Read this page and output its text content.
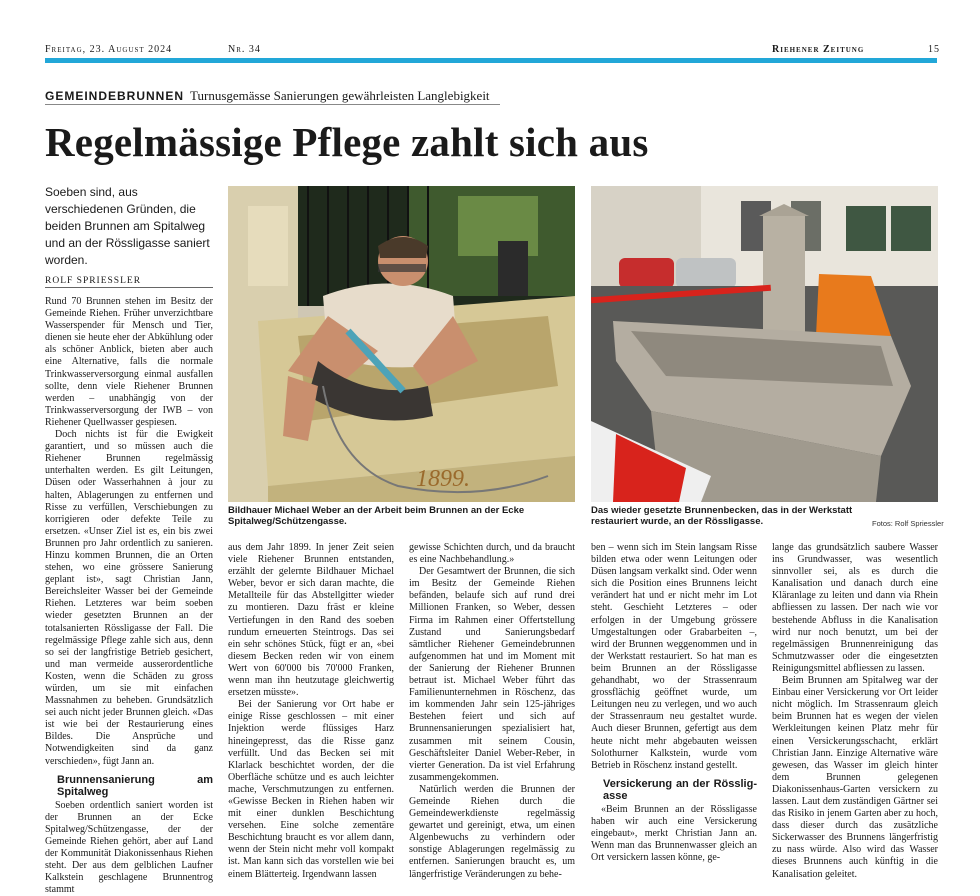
Freitag, 23. August 2024	Nr. 34	Riehener Zeitung	15
GEMEINDEBRUNNEN Turnusgemässe Sanierungen gewährleisten Langlebigkeit
Regelmässige Pflege zahlt sich aus
Soeben sind, aus verschiedenen Gründen, die beiden Brunnen am Spitalweg und an der Rössligasse saniert worden.
ROLF SPRIESSLER
1899.
Bildhauer Michael Weber an der Arbeit beim Brunnen an der Ecke Spitalweg/Schützengasse.
Das wieder gesetzte Brunnenbecken, das in der Werkstatt restauriert wurde, an der Rössligasse.	Fotos: Rolf Spriessler

Rund 70 Brunnen stehen im Besitz der Gemeinde Riehen. Früher unverzichtbare Wasserspender für Mensch und Tier, dienen sie heute eher der Abkühlung oder als schöner Anblick, bieten aber auch eine Alternative, falls die normale Trinkwasserversorgung einmal ausfallen sollte, denn viele Riehener Brunnen werden – unabhängig von der Trinkwasserversorgung der IWB – von Riehener Quellwasser gespiesen.

Doch nichts ist für die Ewigkeit garantiert, und so müssen auch die Riehener Brunnen regelmässig unterhalten werden. Es gilt Leitungen, Düsen oder Wasserhahnen à jour zu halten, Ablagerungen zu entfernen und Risse zu verfüllen, Verschiebungen zu korrigieren oder defekte Teile zu ersetzen. «Unser Ziel ist es, ein bis zwei Brunnen pro Jahr ordentlich zu sanieren. Hinzu kommen Brunnen, die an Orten stehen, wo eine grössere Sanierung geplant ist», sagt Christian Jann, Bereichsleiter Wasser bei der Gemeinde Riehen. Letzteres war beim soeben wieder gesetzten Brunnen an der totalsanierten Rössligasse der Fall. Die regelmässige Pflege zahle sich aus, denn so sei der langfristige Betrieb gesichert, und man vermeide ausserordentliche Kosten, wenn die Schäden zu gross würden, um sie mit einfachen Massnahmen zu beheben. Grundsätzlich sei auch nicht jeder Brunnen gleich. «Das ist wie bei der Restaurierung eines Bildes. Die Ansprüche und Notwendigkeiten sind da ganz verschieden», fügt Jann an.

Brunnensanierung am Spitalweg

Soeben ordentlich saniert worden ist der Brunnen an der Ecke Spitalweg/Schützengasse, der der Gemeinde Riehen gehört, aber auf Land der Kommunität Diakonissenhaus Riehen steht. Der aus dem gelblichen Laufner Kalkstein geschlagene Brunnentrog stammt

aus dem Jahr 1899. In jener Zeit seien viele Riehener Brunnen entstanden, erzählt der gelernte Bildhauer Michael Weber, bevor er sich daran machte, die Metallteile für das Abstellgitter wieder zu montieren. Dazu fräst er kleine Vertiefungen in den Rand des soeben rundum erneuerten Steintrogs. Das sei ein sehr schönes Stück, fügt er an, «bei diesem Becken reden wir von einem Wert von 60'000 bis 70'000 Franken, wenn man ihn heutzutage gleichwertig ersetzen müsste».

Bei der Sanierung vor Ort habe er einige Risse geschlossen – mit einer Injektion werde flüssiges Harz hineingepresst, das die Risse ganz verfüllt. Und das Becken sei mit Klarlack beschichtet worden, der die Oberfläche schütze und es auch leichter mache, Verschmutzungen zu entfernen. «Gewisse Becken in Riehen haben wir mit einer dunklen Beschichtung versehen. Eine solche zementäre Beschichtung braucht es vor allem dann, wenn der Stein nicht mehr voll kompakt ist. Man kann sich das vorstellen wie bei einem Blätterteig. Irgendwann lassen

gewisse Schichten durch, und da braucht es eine Nachbehandlung.»

Der Gesamtwert der Brunnen, die sich im Besitz der Gemeinde Riehen befänden, belaufe sich auf rund drei Millionen Franken, so Weber, dessen Firma im Rahmen einer Offertstellung Zustand und Sanierungsbedarf sämtlicher Riehener Gemeindebrunnen aufgenommen hat und im Moment mit der Sanierung der Riehener Brunnen betraut ist. Michael Weber führt das Familienunternehmen in Röschenz, das im kommenden Jahr sein 125-jähriges Bestehen feiert und sich auf Brunnensanierungen spezialisiert hat, zusammen mit seinem Cousin, Geschäftsleiter Daniel Weber-Reber, in vierter Generation. Da ist viel Erfahrung zusammengekommen.

Natürlich werden die Brunnen der Gemeinde Riehen durch die Gemeindewerkdienste regelmässig gewartet und gereinigt, etwa, um einen Algenbewuchs zu verhindern oder sonstige Ablagerungen regelmässig zu entfernen. Sanierungen braucht es, um längerfristige Veränderungen zu behe-

ben – wenn sich im Stein langsam Risse bilden etwa oder wenn Leitungen oder Düsen langsam verkalkt sind. Oder wenn sich die Position eines Brunnens leicht verändert hat und er nicht mehr im Lot steht. Geschieht Letzteres – oder erfolgen in der Umgebung grössere Umgestaltungen oder Grabarbeiten –, wird der Brunnen weggenommen und in der Werkstatt restauriert. So hat man es beim Brunnen an der Rössligasse gehandhabt, wo der Strassenraum grossflächig geöffnet wurde, um Leitungen neu zu verlegen, und wo auch der Strassenraum neu gestaltet wurde. Auch dieser Brunnen, gefertigt aus dem heute nicht mehr abgebauten weissen Solothurner Kalkstein, wurde vom Betrieb in Röschenz instand gestellt.

Versickerung an der Rössligasse

«Beim Brunnen an der Rössligasse haben wir auch eine Versickerung eingebaut», merkt Christian Jann an. Wenn man das Brunnenwasser gleich an Ort versickern lassen könne, ge-

lange das grundsätzlich saubere Wasser ins Grundwasser, was wesentlich sinnvoller sei, als es durch die Kanalisation und danach durch eine Kläranlage zu leiten und dann via Rhein abfliessen zu lassen. Der nach wie vor bestehende Abfluss in die Kanalisation wird nur noch benutzt, um bei der regelmässigen Brunnenreinigung das Schmutzwasser oder die eingesetzten Reinigungsmittel abfliessen zu lassen.

Beim Brunnen am Spitalweg war der Einbau einer Versickerung vor Ort leider nicht möglich. Im Strassenraum gleich beim Brunnen hat es wegen der vielen Werkleitungen keinen Platz mehr für einen Versickerungsschacht, erklärt Christian Jann. Einzige Alternative wäre gewesen, das Wasser im gleich hinter dem Brunnen gelegenen Diakonissenhaus-Garten versickern zu lassen. Laut dem zuständigen Gärtner sei das Risiko in jenem Garten aber zu hoch, dass dieser durch das zusätzliche Sickerwasser des Brunnens längerfristig zu nass würde. Also wird das Wasser dieses Brunnens auch künftig in die Kanalisation geleitet.
